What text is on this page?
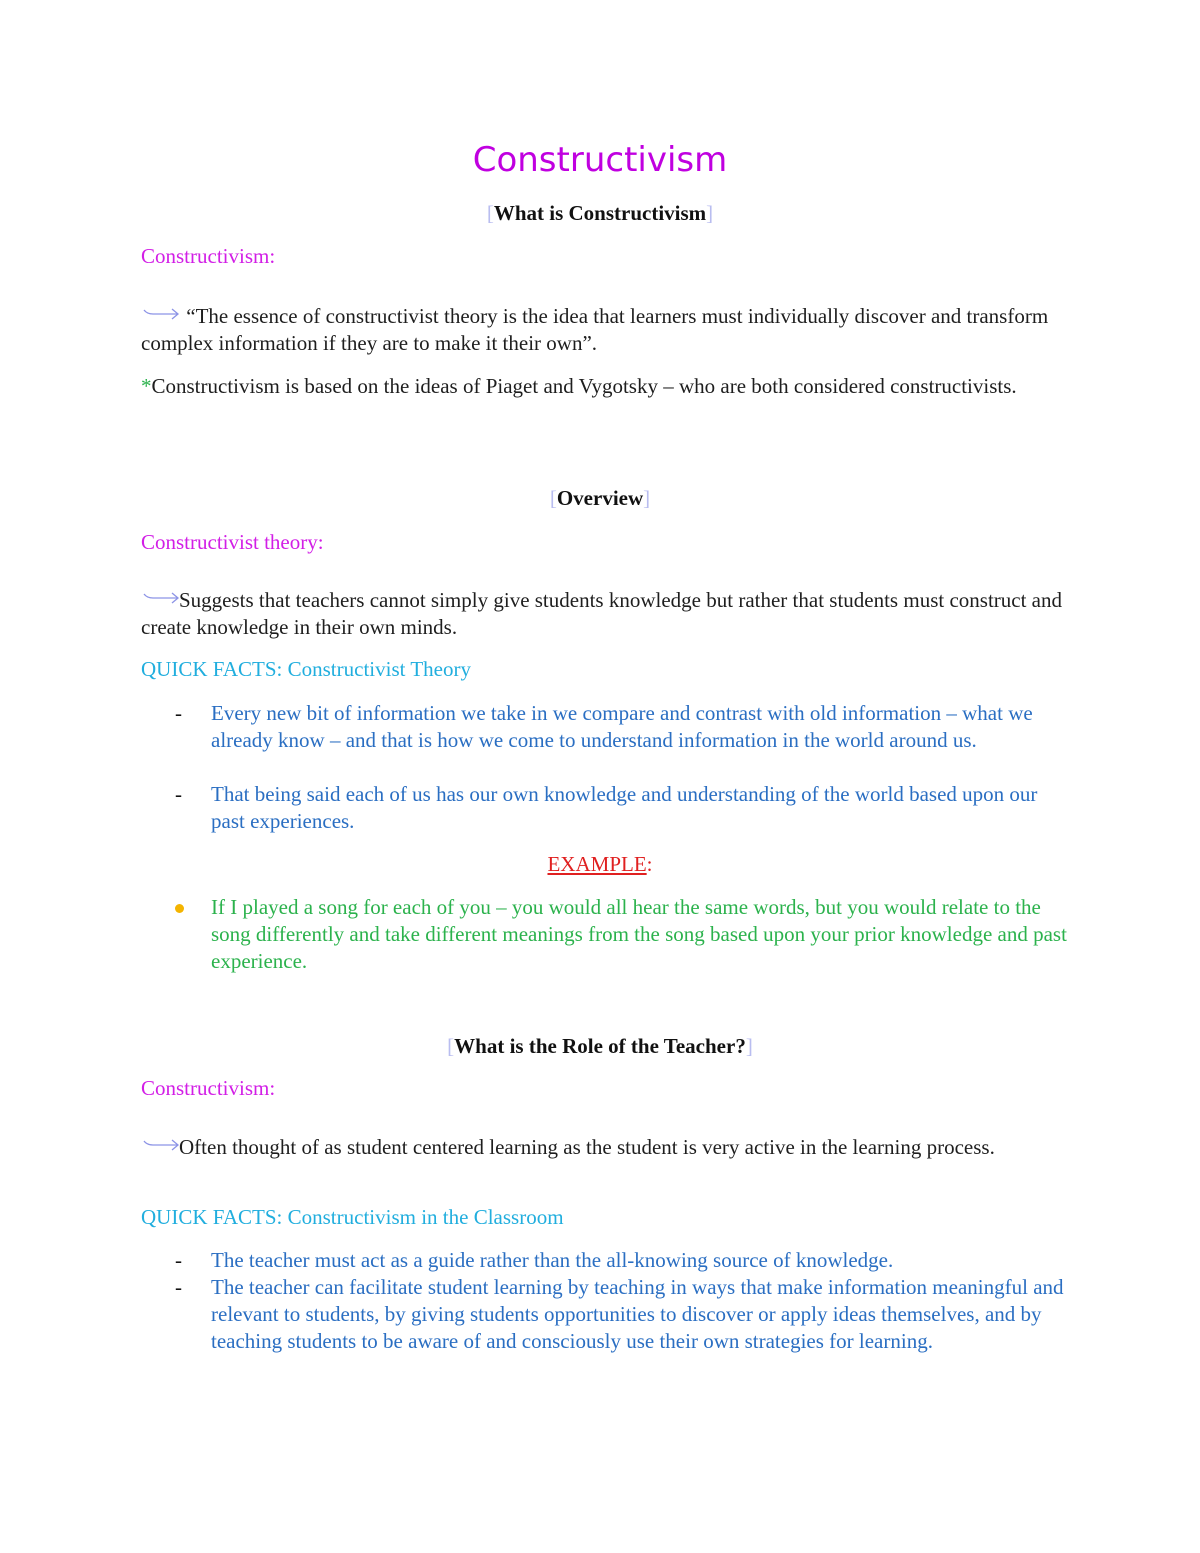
Constructivism
[What is Constructivism]
Constructivism:
“The essence of constructivist theory is the idea that learners must individually discover and transform complex information if they are to make it their own”.
*Constructivism is based on the ideas of Piaget and Vygotsky – who are both considered constructivists.
[Overview]
Constructivist theory:
Suggests that teachers cannot simply give students knowledge but rather that students must construct and create knowledge in their own minds.
QUICK FACTS: Constructivist Theory
- Every new bit of information we take in we compare and contrast with old information – what we already know – and that is how we come to understand information in the world around us.
- That being said each of us has our own knowledge and understanding of the world based upon our past experiences.
EXAMPLE:
If I played a song for each of you – you would all hear the same words, but you would relate to the song differently and take different meanings from the song based upon your prior knowledge and past experience.
[What is the Role of the Teacher?]
Constructivism:
Often thought of as student centered learning as the student is very active in the learning process.
QUICK FACTS: Constructivism in the Classroom
- The teacher must act as a guide rather than the all-knowing source of knowledge.
- The teacher can facilitate student learning by teaching in ways that make information meaningful and relevant to students, by giving students opportunities to discover or apply ideas themselves, and by teaching students to be aware of and consciously use their own strategies for learning.
